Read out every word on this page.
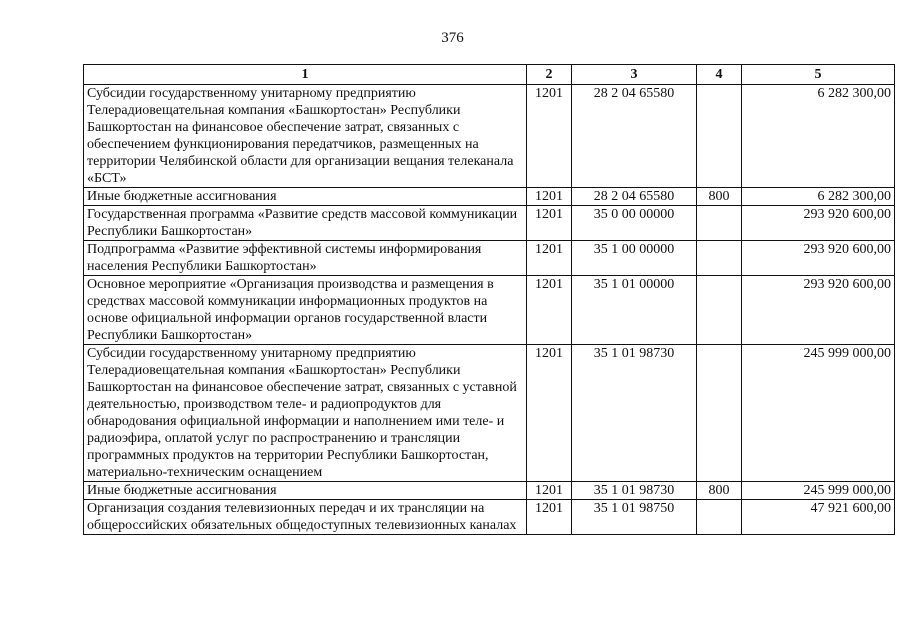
376
1	2	3	4	5
Субсидии государственному унитарному предприятию Телерадиовещательная компания «Башкортостан» Республики Башкортостан на финансовое обеспечение затрат, связанных с обеспечением функционирования передатчиков, размещенных на территории Челябинской области для организации вещания телеканала «БСТ»	1201	28 2 04 65580		6 282 300,00
Иные бюджетные ассигнования	1201	28 2 04 65580	800	6 282 300,00
Государственная программа «Развитие средств массовой коммуникации Республики Башкортостан»	1201	35 0 00 00000		293 920 600,00
Подпрограмма «Развитие эффективной системы информирования населения Республики Башкортостан»	1201	35 1 00 00000		293 920 600,00
Основное мероприятие «Организация производства и размещения в средствах массовой коммуникации информационных продуктов на основе официальной информации органов государственной власти Республики Башкортостан»	1201	35 1 01 00000		293 920 600,00
Субсидии государственному унитарному предприятию Телерадиовещательная компания «Башкортостан» Республики Башкортостан на финансовое обеспечение затрат, связанных с уставной деятельностью, производством теле- и радиопродуктов для обнародования официальной информации и наполнением ими теле- и радиоэфира, оплатой услуг по распространению и трансляции программных продуктов на территории Республики Башкортостан, материально-техническим оснащением	1201	35 1 01 98730		245 999 000,00
Иные бюджетные ассигнования	1201	35 1 01 98730	800	245 999 000,00
Организация создания телевизионных передач и их трансляции на общероссийских обязательных общедоступных телевизионных каналах	1201	35 1 01 98750		47 921 600,00
